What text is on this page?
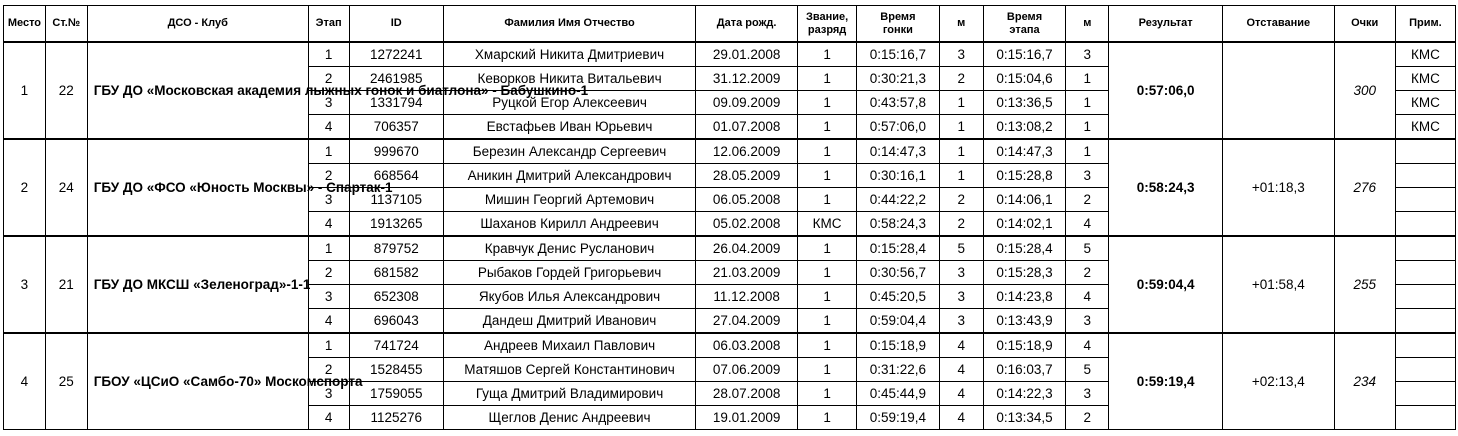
Место	Ст.№	ДСО - Клуб	Этап	ID	Фамилия Имя Отчество	Дата рожд.	Звание, разряд	Время гонки	м	Время этапа	м	Результат	Отставание	Очки	Прим.
1	22	ГБУ ДО «Московская академия лыжных гонок и биатлона» - Бабушкино-1	1	1272241	Хмарский Никита Дмитриевич	29.01.2008	1	0:15:16,7	3	0:15:16,7	3	0:57:06,0		300	КМС
			2	2461985	Кеворков Никита Витальевич	31.12.2009	1	0:30:21,3	2	0:15:04,6	1				КМС
			3	1331794	Руцкой Егор Алексеевич	09.09.2009	1	0:43:57,8	1	0:13:36,5	1				КМС
			4	706357	Евстафьев Иван Юрьевич	01.07.2008	1	0:57:06,0	1	0:13:08,2	1				КМС
2	24	ГБУ ДО «ФСО «Юность Москвы» - Спартак-1	1	999670	Березин Александр Сергеевич	12.06.2009	1	0:14:47,3	1	0:14:47,3	1	0:58:24,3	+01:18,3	276	
			2	668564	Аникин Дмитрий Александрович	28.05.2009	1	0:30:16,1	1	0:15:28,8	3				
			3	1137105	Мишин Георгий Артемович	06.05.2008	1	0:44:22,2	2	0:14:06,1	2				
			4	1913265	Шаханов Кирилл Андреевич	05.02.2008	КМС	0:58:24,3	2	0:14:02,1	4				
3	21	ГБУ ДО МКСШ «Зеленоград»-1-1	1	879752	Кравчук Денис Русланович	26.04.2009	1	0:15:28,4	5	0:15:28,4	5	0:59:04,4	+01:58,4	255	
			2	681582	Рыбаков Гордей Григорьевич	21.03.2009	1	0:30:56,7	3	0:15:28,3	2				
			3	652308	Якубов Илья Александрович	11.12.2008	1	0:45:20,5	3	0:14:23,8	4				
			4	696043	Дандеш Дмитрий Иванович	27.04.2009	1	0:59:04,4	3	0:13:43,9	3				
4	25	ГБОУ «ЦСиО «Самбо-70» Москомспорта	1	741724	Андреев Михаил Павлович	06.03.2008	1	0:15:18,9	4	0:15:18,9	4	0:59:19,4	+02:13,4	234	
			2	1528455	Матяшов Сергей Константинович	07.06.2009	1	0:31:22,6	4	0:16:03,7	5				
			3	1759055	Гуща Дмитрий Владимирович	28.07.2008	1	0:45:44,9	4	0:14:22,3	3				
			4	1125276	Щеглов Денис Андреевич	19.01.2009	1	0:59:19,4	4	0:13:34,5	2				
